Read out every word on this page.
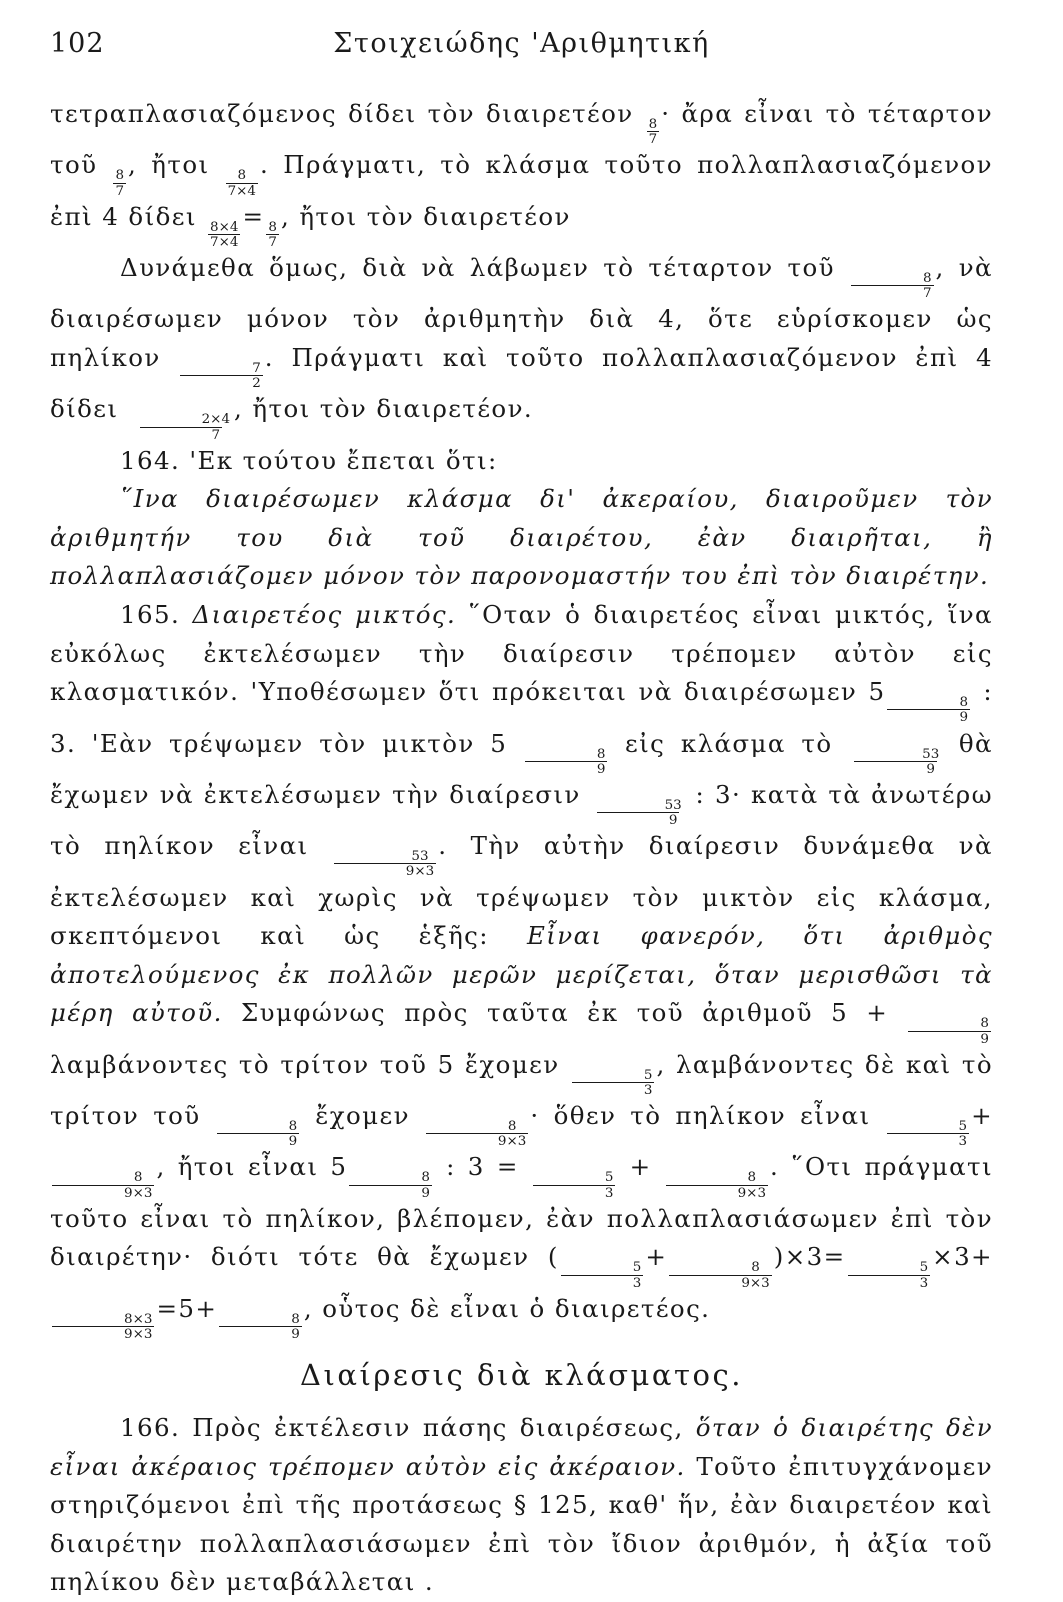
102	Στοιχειώδης 'Αριθμητική

τετραπλασιαζόμενος δίδει τὸν διαιρετέον
$\frac{8}{7}$
· ἄρα εἶναι τὸ τέταρτον τοῦ
$\frac{8}{7}$
, ἤτοι
$\frac{8}{7\times 4}$
. Πράγματι, τὸ κλάσμα τοῦτο πολλαπλασιαζόμενον ἐπὶ 4 δίδει
$\frac{8\times 4}{7\times 4}$
=
$\frac{8}{7}$
, ἤτοι τὸν διαιρετέον

Δυνάμεθα ὅμως, διὰ νὰ λάβωμεν τὸ τέταρτον τοῦ
$\frac{8}{7}$
, νὰ διαιρέσωμεν μόνον τὸν ἀριθμητὴν διὰ 4, ὅτε εὑρίσκομεν ὡς πηλίκον
$\frac{7}{2}$
. Πράγματι καὶ τοῦτο πολλαπλασιαζόμενον ἐπὶ 4 δίδει
$\frac{2\times 4}{7}$
, ἤτοι τὸν διαιρετέον.

164. 'Εκ τούτου ἔπεται ὅτι:

῞Ινα διαιρέσωμεν κλάσμα δι' ἀκεραίου, διαιροῦμεν τὸν ἀριθμητήν του διὰ τοῦ διαιρέτου, ἐὰν διαιρῆται, ἢ πολλαπλασιάζομεν μόνον τὸν παρονομαστήν του ἐπὶ τὸν διαιρέτην.

165. Διαιρετέος μικτός. ῞Οταν ὁ διαιρετέος εἶναι μικτός, ἵνα εὐκόλως ἐκτελέσωμεν τὴν διαίρεσιν τρέπομεν αὐτὸν εἰς κλασματικόν. 'Υποθέσωμεν ὅτι πρόκειται νὰ διαιρέσωμεν 5
$\frac{8}{9}$
: 3. 'Εὰν τρέψωμεν τὸν μικτὸν 5
$\frac{8}{9}$
εἰς κλάσμα τὸ
$\frac{53}{9}$
θὰ ἔχωμεν νὰ ἐκτελέσωμεν τὴν διαίρεσιν
$\frac{53}{9}$
: 3· κατὰ τὰ ἀνωτέρω τὸ πηλίκον εἶναι
$\frac{53}{9\times 3}$
. Τὴν αὐτὴν διαίρεσιν δυνάμεθα νὰ ἐκτελέσωμεν καὶ χωρὶς νὰ τρέψωμεν τὸν μικτὸν εἰς κλάσμα, σκεπτόμενοι καὶ ὡς ἑξῆς: Εἶναι φανερόν, ὅτι ἀριθμὸς ἀποτελούμενος ἐκ πολλῶν μερῶν μερίζεται, ὅταν μερισθῶσι τὰ μέρη αὐτοῦ. Συμφώνως πρὸς ταῦτα ἐκ τοῦ ἀριθμοῦ 5 +
$\frac{8}{9}$
λαμβάνοντες τὸ τρίτον τοῦ 5 ἔχομεν
$\frac{5}{3}$
, λαμβάνοντες δὲ καὶ τὸ τρίτον τοῦ
$\frac{8}{9}$
ἔχομεν
$\frac{8}{9\times 3}$
· ὅθεν τὸ πηλίκον εἶναι
$\frac{5}{3}$
+
$\frac{8}{9\times 3}$
, ἤτοι εἶναι 5
$\frac{8}{9}$
: 3 =
$\frac{5}{3}$
+
$\frac{8}{9\times 3}$
. ῞Οτι πράγματι τοῦτο εἶναι τὸ πηλίκον, βλέπομεν, ἐὰν πολλαπλασιάσωμεν ἐπὶ τὸν διαιρέτην· διότι τότε θὰ ἔχωμεν (
$\frac{5}{3}$
+
$\frac{8}{9\times 3}$
)×3=
$\frac{5}{3}$
×3+
$\frac{8\times 3}{9\times 3}$
=5+
$\frac{8}{9}$
, οὗτος δὲ εἶναι ὁ διαιρετέος.

Διαίρεσις διὰ κλάσματος.

166. Πρὸς ἐκτέλεσιν πάσης διαιρέσεως, ὅταν ὁ διαιρέτης δὲν εἶναι ἀκέραιος τρέπομεν αὐτὸν εἰς ἀκέραιον. Τοῦτο ἐπιτυγχάνομεν στηριζόμενοι ἐπὶ τῆς προτάσεως § 125, καθ' ἥν, ἐὰν διαιρετέον καὶ διαιρέτην πολλαπλασιάσωμεν ἐπὶ τὸν ἴδιον ἀριθμόν, ἡ ἀξία τοῦ πηλίκου δὲν μεταβάλλεται .
